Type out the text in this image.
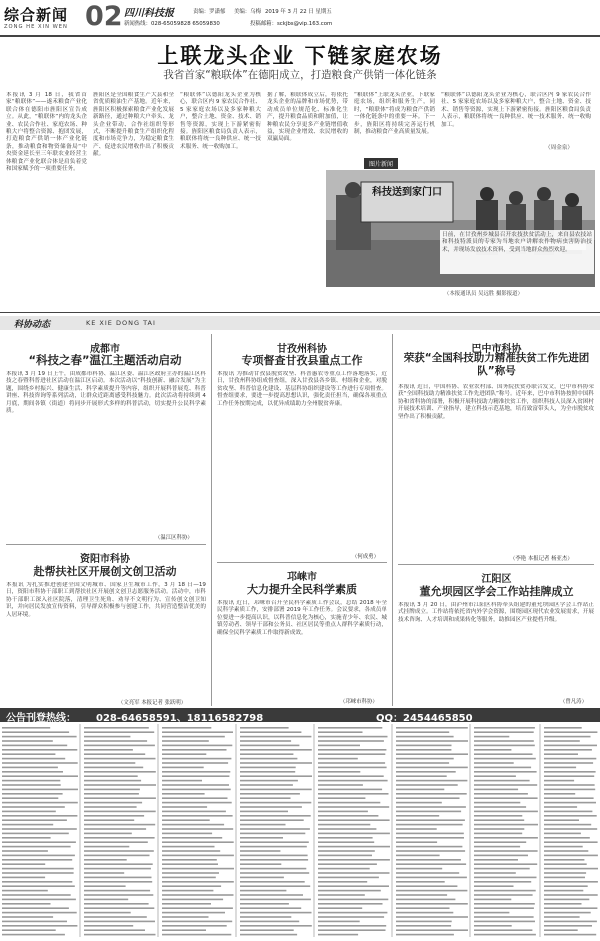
综合新闻
ZONG HE XIN WEN 02 四川科技报	责编：罗潇郁 美编：乌梅 2019 年 3 月 22 日 星期五
新闻热线：028-65059828 65059830	投稿邮箱：sckjbs@vip.163.com
上联龙头企业 下链家庭农场
我省首家“粮联体”在德阳成立，打造粮食产供销一体化链条
本报讯 3 月 18 日，我省首家“粮联体”——遂禾粮食产业化联合体在德阳市旌阳区宣告成立。从此，“粮联体”内的龙头企业、农民合作社、家庭农场、种粮大户将整合资源、抱团发展，打造粮食产供销一体产业化链条，推动粮食和物资储备局“中央资金延长至三年联农业经营主体粮食产业化联合体是肩负着党和国家赋予的一项重要任务。
旌阳区是全国粮食生产大县和全省优质粮油生产基地。近年来，旌阳区积极探索粮食产业化发展新路径，通过种粮大户牵头、龙头企业带动、合作社组织等形式，不断提升粮食生产组织化程度和市场竞争力，为稳定粮食生产、促进农民增收作出了积极贡献。
“粮联体”以德阳龙头企业为核心，联合区内 9 家农民合作社、5 家家庭农场以及多家种粮大户，整合土地、资金、技术、销售等资源，实现上下游紧密衔接。旌阳区粮食局负责人表示，粮联体将统一良种供应、统一技术服务、统一收购加工。
据了解，粮联体成立后，将依托龙头企业的品牌和市场优势，带动成员单位规范化、标准化生产，提升粮食品质和附加值，让种粮农民分享更多产业链增值收益，实现企业增效、农民增收的双赢局面。
“粮联体”上联龙头企业，下联家庭农场，组织和服务生产，同时，“粮联体”将成为粮食产供销一体化链条中的重要一环。下一步，旌阳区将持续完善运行机制，推动粮食产业高质量发展。
“粮联体”以德阳龙头企业为核心，联合区内 9 家农民合作社、5 家家庭农场以及多家种粮大户，整合土地、资金、技术、销售等资源，实现上下游紧密衔接。旌阳区粮食局负责人表示，粮联体将统一良种供应、统一技术服务、统一收购加工。
（周金泉）
图片新闻
科技送到家门口
日前，在甘孜州乡城县召开农技扶贫活动上，来自县农技站和科技特派员的专家为当地农户讲解农作物病虫害防治技术，并现场发放技术资料，受到当地群众热烈欢迎。
（本报通讯员 吴远胜 摄影报道）
科协动态	KE XIE DONG TAI
成都市
“科技之春”温江主题活动启动
本报讯 3 月 19 日上午，由成都市科协、温江区委、温江区政府主办的温江区科技之春暨科普进社区活动在温江区启动。本次活动以“科技创新、融合发展”为主题，围绕乡村振兴、健康生活、科学素质提升等内容，组织开展科普展览、科普讲座、科技咨询等系列活动，让群众近距离感受科技魅力。此次活动将持续到 4 月底，期间各镇（街道）将同步开展形式多样的科普活动，切实提升公民科学素质。
（温江区科协）
资阳市科协
赴帮扶社区开展创文创卫活动
本报讯 为扎实推进创建全国文明城市、国家卫生城市工作，3 月 18 日—19 日，资阳市科协干部职工到帮扶社区开展创文创卫志愿服务活动。活动中，市科协干部职工深入社区院落，清理卫生死角、劝导不文明行为、宣传创文创卫知识，并向居民发放宣传资料，引导群众积极参与创建工作，共同营造整洁优美的人居环境。
（文亮军 本报记者 张跃明）
甘孜州科协
专项督查甘孜县重点工作
本报讯 为推动甘孜县脱贫攻坚、科普惠农等重点工作落地落实，近日，甘孜州科协组成督查组，深入甘孜县各乡镇、村组和企业，对脱贫攻坚、科普信息化建设、基层科协组织建设等工作进行专项督查。督查组要求，要进一步提高思想认识，强化责任担当，确保各项重点工作任务按期完成，以优异成绩助力全州脱贫奔康。
（何成勇）
邛崃市
大力提升全民科学素质
本报讯 近日，邛崃市召开全民科学素质工作会议，总结 2018 年全民科学素质工作，安排部署 2019 年工作任务。会议要求，各成员单位要进一步提高认识，以科普信息化为核心，实施青少年、农民、城镇劳动者、领导干部和公务员、社区居民等重点人群科学素质行动，确保全民科学素质工作取得新成效。
（邛崃市科协）
巴中市科协
荣获“全国科技助力精准扶贫工作先进团队”称号
本报讯 近日，中国科协、农业农村部、国务院扶贫办联合发文，巴中市科协荣获“全国科技助力精准扶贫工作先进团队”称号。近年来，巴中市科协按照中国科协和省科协的部署，积极开展科技助力精准扶贫工作，组织科技人员深入贫困村开展技术培训、产业指导，建立科技示范基地，培育致富带头人，为全市脱贫攻坚作出了积极贡献。
（李艳 本报记者 杨亚杰）
江阳区
董允坝园区学会工作站挂牌成立
本报讯 3 月 20 日，由泸州市江阳区科协牵头组建的董允坝园区学会工作站正式挂牌成立。工作站将依托省内外学会资源，围绕园区现代农业发展需求，开展技术咨询、人才培训和成果转化等服务，助推园区产业提档升级。
（曾凡涛）
公告刊登热线： 028-64658591、18116582798	QQ：2454465850
